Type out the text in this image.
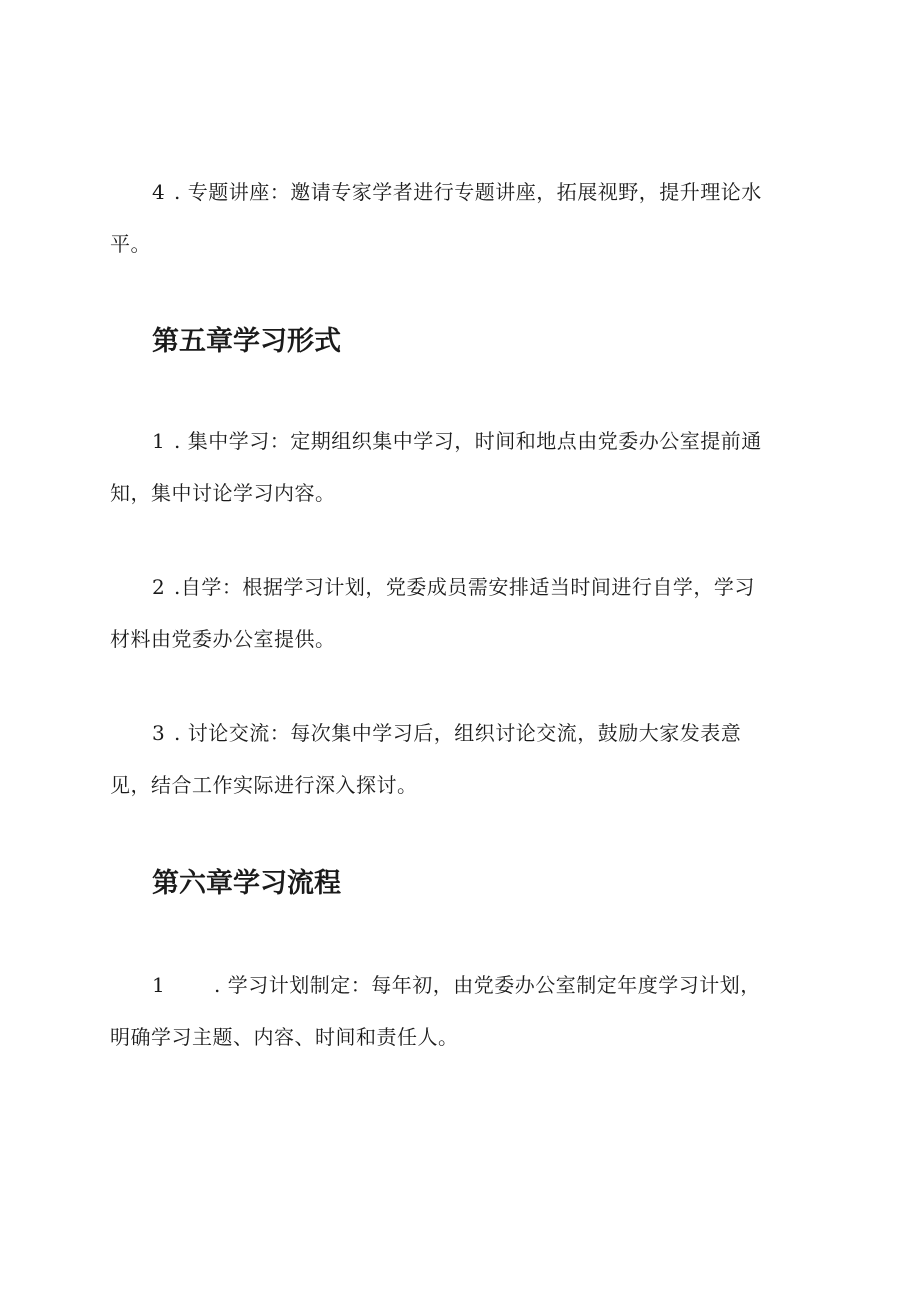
4 . 专题讲座：邀请专家学者进行专题讲座，拓展视野，提升理论水
平。

第五章学习形式

1 . 集中学习：定期组织集中学习，时间和地点由党委办公室提前通
知，集中讨论学习内容。

2 .自学：根据学习计划，党委成员需安排适当时间进行自学，学习
材料由党委办公室提供。

3 . 讨论交流：每次集中学习后，组织讨论交流，鼓励大家发表意
见，结合工作实际进行深入探讨。

第六章学习流程

1 . 学习计划制定：每年初，由党委办公室制定年度学习计划，
明确学习主题、内容、时间和责任人。
